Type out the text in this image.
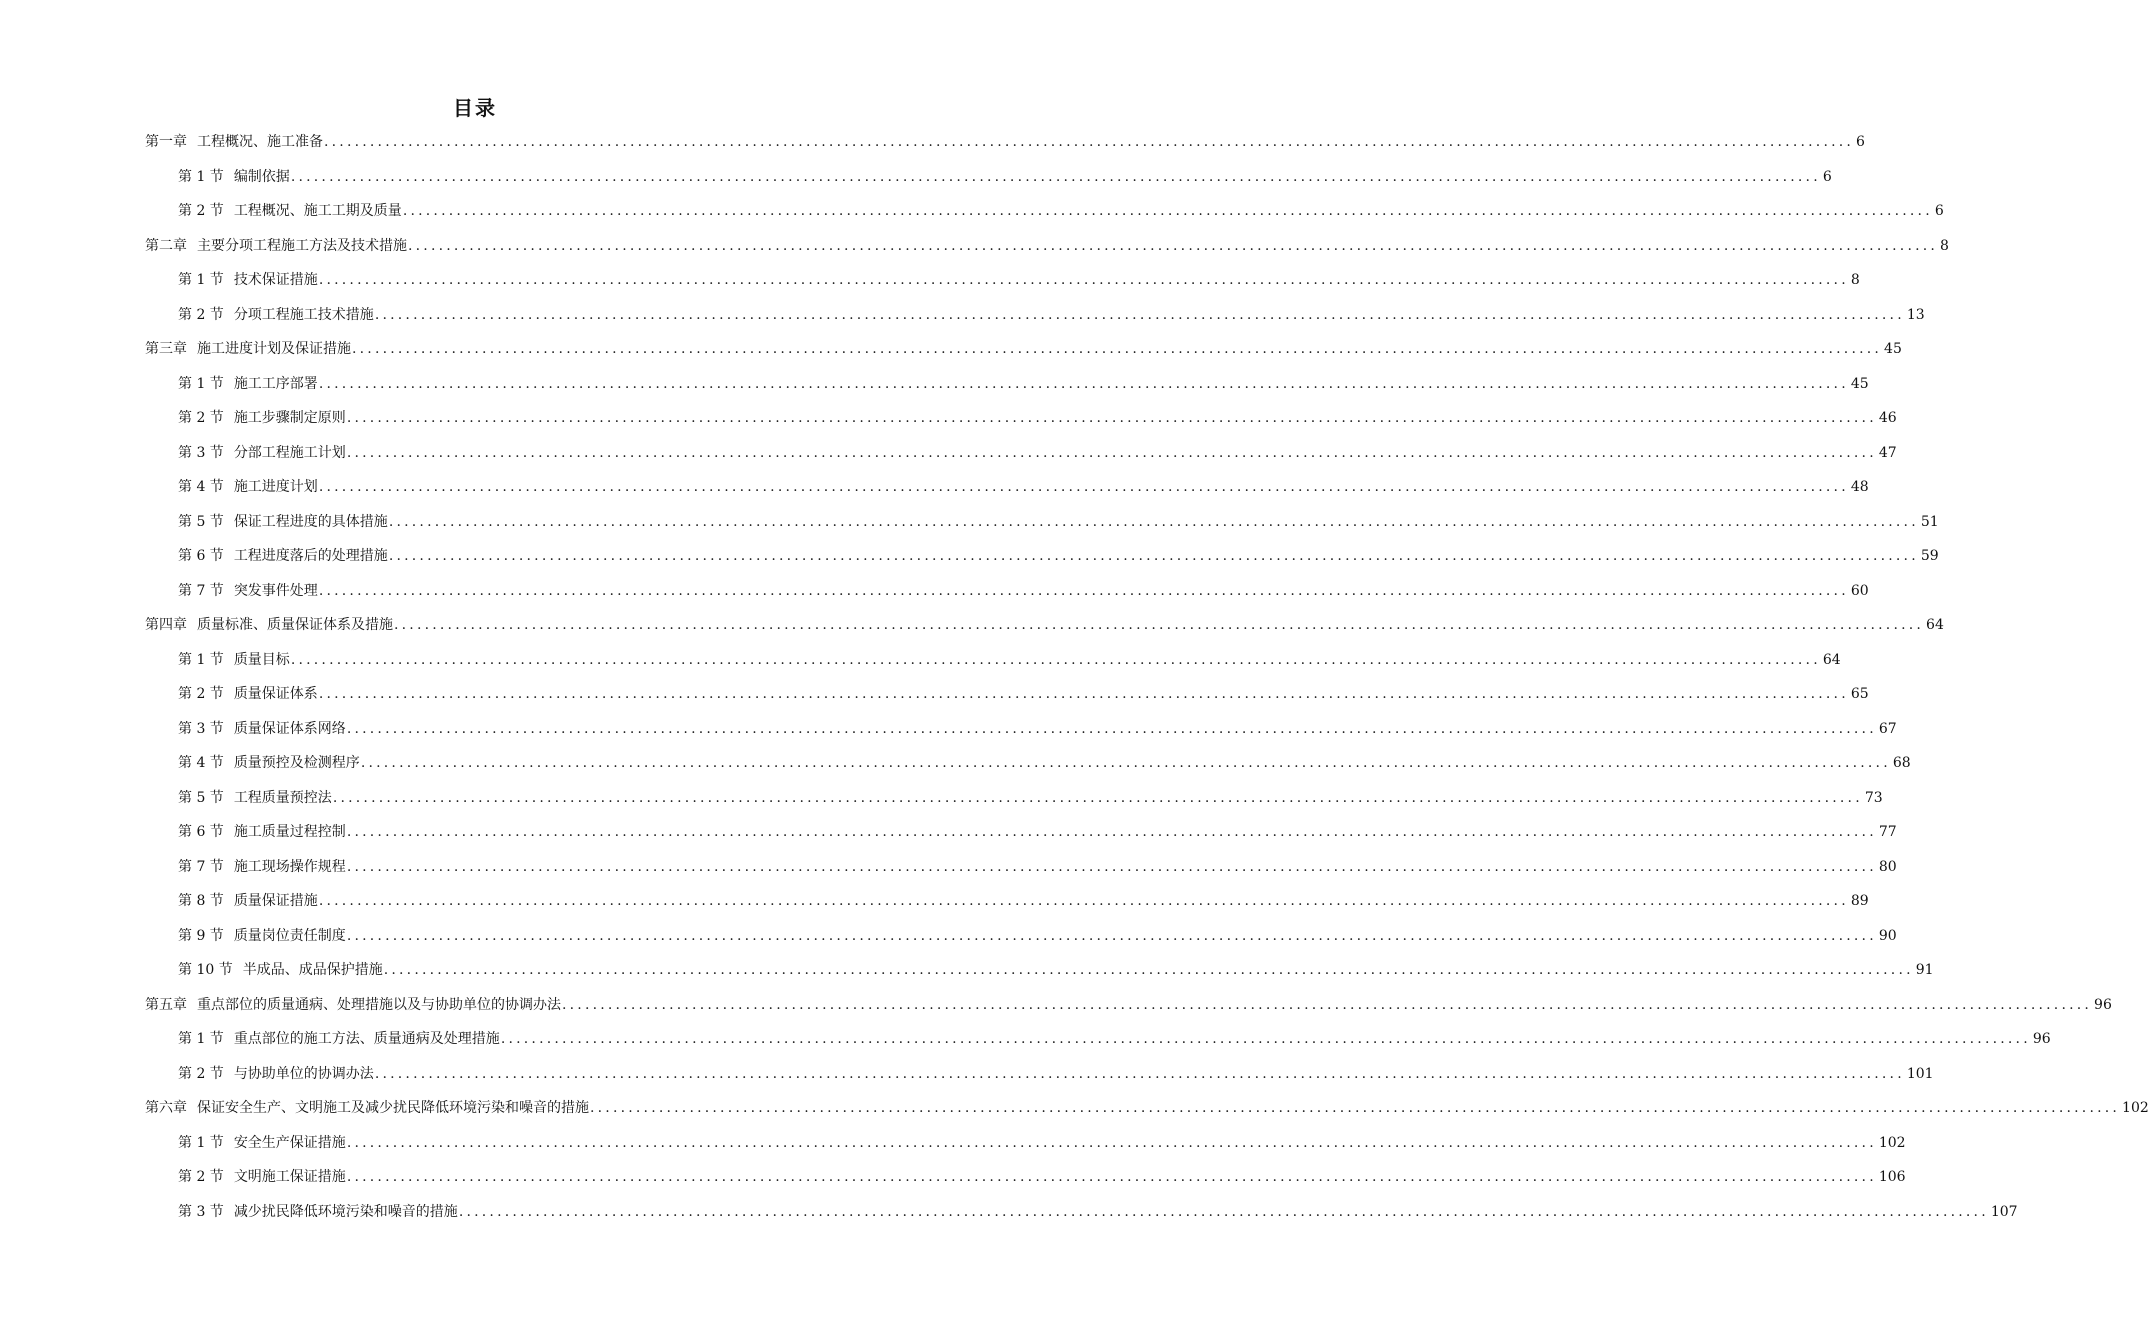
目录
第一章 工程概况、施工准备 ........................................................................................................................................................................................................ 6
第 1 节 编制依据 ........................................................................................................................................................................................................ 6
第 2 节 工程概况、施工工期及质量 ........................................................................................................................................................................................................ 6
第二章 主要分项工程施工方法及技术措施 ........................................................................................................................................................................................................ 8
第 1 节 技术保证措施 ........................................................................................................................................................................................................ 8
第 2 节 分项工程施工技术措施 ........................................................................................................................................................................................................ 13
第三章 施工进度计划及保证措施 ........................................................................................................................................................................................................ 45
第 1 节 施工工序部署 ........................................................................................................................................................................................................ 45
第 2 节 施工步骤制定原则 ........................................................................................................................................................................................................ 46
第 3 节 分部工程施工计划 ........................................................................................................................................................................................................ 47
第 4 节 施工进度计划 ........................................................................................................................................................................................................ 48
第 5 节 保证工程进度的具体措施 ........................................................................................................................................................................................................ 51
第 6 节 工程进度落后的处理措施 ........................................................................................................................................................................................................ 59
第 7 节 突发事件处理 ........................................................................................................................................................................................................ 60
第四章 质量标准、质量保证体系及措施 ........................................................................................................................................................................................................ 64
第 1 节 质量目标 ........................................................................................................................................................................................................ 64
第 2 节 质量保证体系 ........................................................................................................................................................................................................ 65
第 3 节 质量保证体系网络 ........................................................................................................................................................................................................ 67
第 4 节 质量预控及检测程序 ........................................................................................................................................................................................................ 68
第 5 节 工程质量预控法 ........................................................................................................................................................................................................ 73
第 6 节 施工质量过程控制 ........................................................................................................................................................................................................ 77
第 7 节 施工现场操作规程 ........................................................................................................................................................................................................ 80
第 8 节 质量保证措施 ........................................................................................................................................................................................................ 89
第 9 节 质量岗位责任制度 ........................................................................................................................................................................................................ 90
第 10 节 半成品、成品保护措施 ........................................................................................................................................................................................................ 91
第五章 重点部位的质量通病、处理措施以及与协助单位的协调办法 ........................................................................................................................................................................................................ 96
第 1 节 重点部位的施工方法、质量通病及处理措施 ........................................................................................................................................................................................................ 96
第 2 节 与协助单位的协调办法 ........................................................................................................................................................................................................ 101
第六章 保证安全生产、文明施工及减少扰民降低环境污染和噪音的措施 ........................................................................................................................................................................................................ 102
第 1 节 安全生产保证措施 ........................................................................................................................................................................................................ 102
第 2 节 文明施工保证措施 ........................................................................................................................................................................................................ 106
第 3 节 减少扰民降低环境污染和噪音的措施 ........................................................................................................................................................................................................ 107
